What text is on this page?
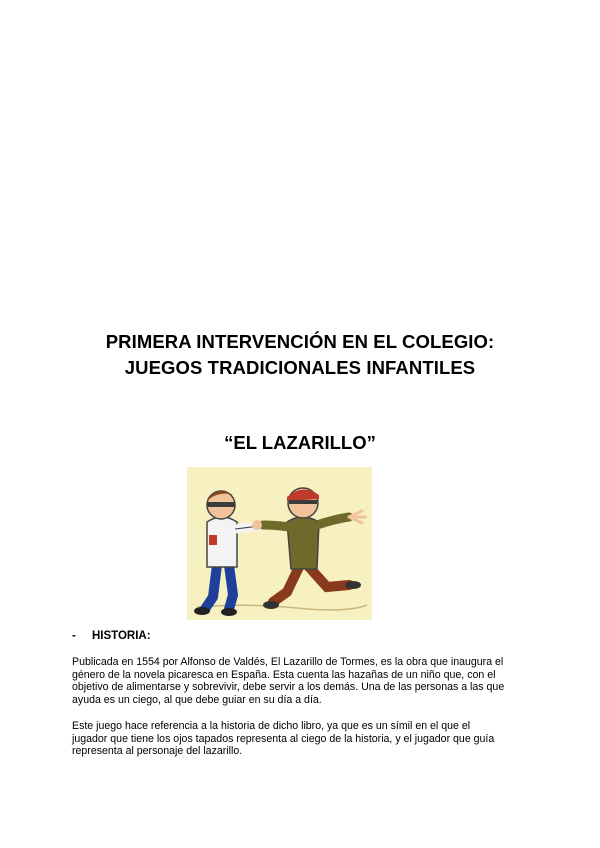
PRIMERA INTERVENCIÓN EN EL COLEGIO:
JUEGOS TRADICIONALES INFANTILES
“EL LAZARILLO”
- HISTORIA:
Publicada en 1554 por Alfonso de Valdés, El Lazarillo de Tormes, es la obra que inaugura el
género de la novela picaresca en España. Esta cuenta las hazañas de un niño que, con el
objetivo de alimentarse y sobrevivir, debe servir a los demás. Una de las personas a las que
ayuda es un ciego, al que debe guiar en su día a día.
Este juego hace referencia a la historia de dicho libro, ya que es un símil en el que el
jugador que tiene los ojos tapados representa al ciego de la historia, y el jugador que guía
representa al personaje del lazarillo.
